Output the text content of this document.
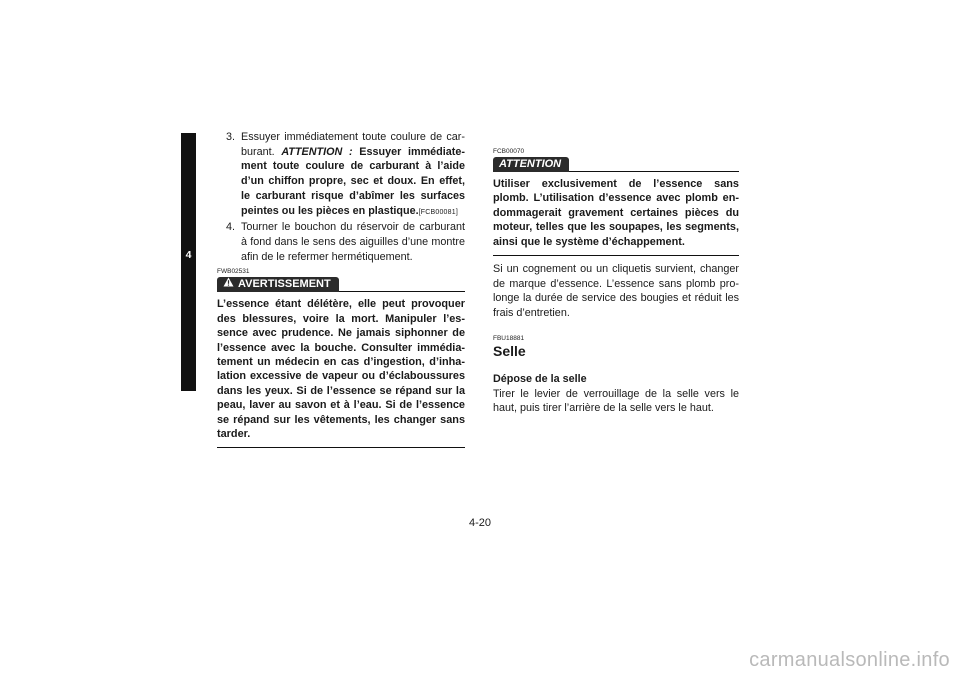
4
3. Essuyer immédiatement toute coulure de car-burant. ATTENTION : Essuyer immédiate-ment toute coulure de carburant à l’aide d’un chiffon propre, sec et doux. En effet, le carburant risque d’abîmer les surfaces peintes ou les pièces en plastique.[FCB00081]
4. Tourner le bouchon du réservoir de carburant à fond dans le sens des aiguilles d’une montre afin de le refermer hermétiquement.
FWB02531
AVERTISSEMENT
L’essence étant délétère, elle peut provoquer des blessures, voire la mort. Manipuler l’es-sence avec prudence. Ne jamais siphonner de l’essence avec la bouche. Consulter immédia-tement un médecin en cas d’ingestion, d’inha-lation excessive de vapeur ou d’éclaboussures dans les yeux. Si de l’essence se répand sur la peau, laver au savon et à l’eau. Si de l’essence se répand sur les vêtements, les changer sans tarder.
FCB00070
ATTENTION
Utiliser exclusivement de l’essence sans plomb. L’utilisation d’essence avec plomb en-dommagerait gravement certaines pièces du moteur, telles que les soupapes, les segments, ainsi que le système d’échappement.
Si un cognement ou un cliquetis survient, changer de marque d’essence. L’essence sans plomb pro-longe la durée de service des bougies et réduit les frais d’entretien.
FBU18881
Selle
Dépose de la selle
Tirer le levier de verrouillage de la selle vers le haut, puis tirer l’arrière de la selle vers le haut.
4-20
carmanualsonline.info
